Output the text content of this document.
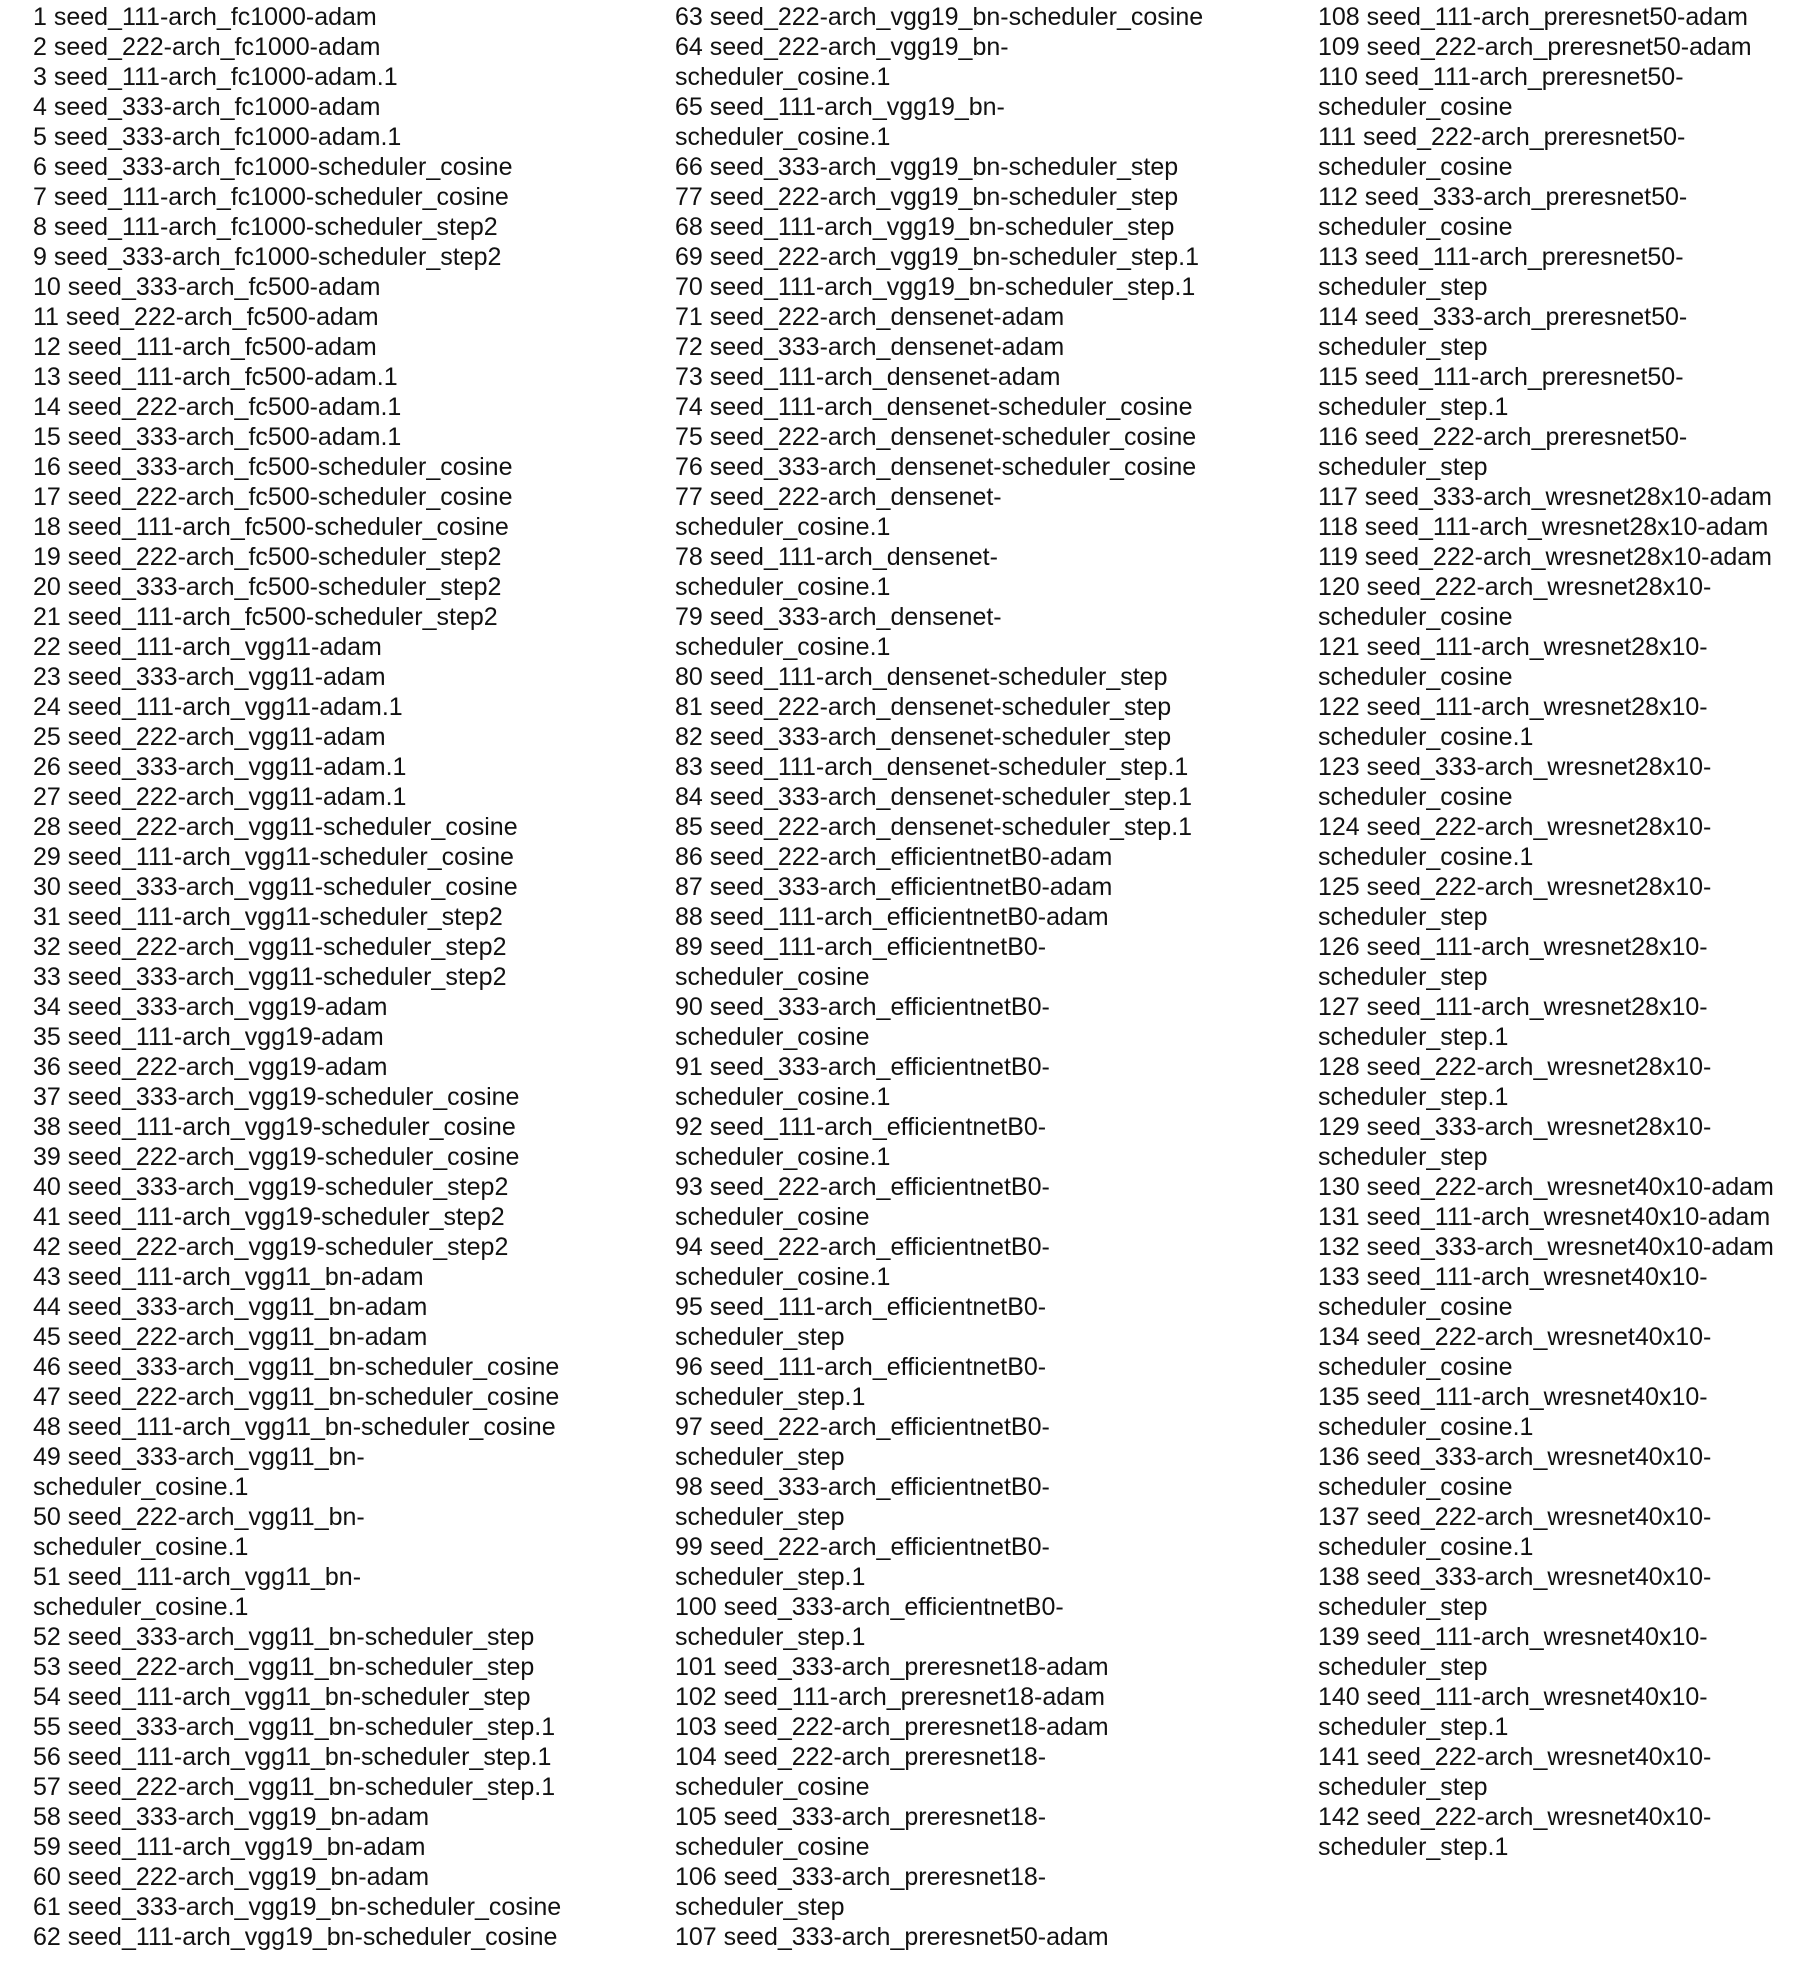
1 seed_111-arch_fc1000-adam
2 seed_222-arch_fc1000-adam
3 seed_111-arch_fc1000-adam.1
4 seed_333-arch_fc1000-adam
5 seed_333-arch_fc1000-adam.1
6 seed_333-arch_fc1000-scheduler_cosine
7 seed_111-arch_fc1000-scheduler_cosine
8 seed_111-arch_fc1000-scheduler_step2
9 seed_333-arch_fc1000-scheduler_step2
10 seed_333-arch_fc500-adam
11 seed_222-arch_fc500-adam
12 seed_111-arch_fc500-adam
13 seed_111-arch_fc500-adam.1
14 seed_222-arch_fc500-adam.1
15 seed_333-arch_fc500-adam.1
16 seed_333-arch_fc500-scheduler_cosine
17 seed_222-arch_fc500-scheduler_cosine
18 seed_111-arch_fc500-scheduler_cosine
19 seed_222-arch_fc500-scheduler_step2
20 seed_333-arch_fc500-scheduler_step2
21 seed_111-arch_fc500-scheduler_step2
22 seed_111-arch_vgg11-adam
23 seed_333-arch_vgg11-adam
24 seed_111-arch_vgg11-adam.1
25 seed_222-arch_vgg11-adam
26 seed_333-arch_vgg11-adam.1
27 seed_222-arch_vgg11-adam.1
28 seed_222-arch_vgg11-scheduler_cosine
29 seed_111-arch_vgg11-scheduler_cosine
30 seed_333-arch_vgg11-scheduler_cosine
31 seed_111-arch_vgg11-scheduler_step2
32 seed_222-arch_vgg11-scheduler_step2
33 seed_333-arch_vgg11-scheduler_step2
34 seed_333-arch_vgg19-adam
35 seed_111-arch_vgg19-adam
36 seed_222-arch_vgg19-adam
37 seed_333-arch_vgg19-scheduler_cosine
38 seed_111-arch_vgg19-scheduler_cosine
39 seed_222-arch_vgg19-scheduler_cosine
40 seed_333-arch_vgg19-scheduler_step2
41 seed_111-arch_vgg19-scheduler_step2
42 seed_222-arch_vgg19-scheduler_step2
43 seed_111-arch_vgg11_bn-adam
44 seed_333-arch_vgg11_bn-adam
45 seed_222-arch_vgg11_bn-adam
46 seed_333-arch_vgg11_bn-scheduler_cosine
47 seed_222-arch_vgg11_bn-scheduler_cosine
48 seed_111-arch_vgg11_bn-scheduler_cosine
49 seed_333-arch_vgg11_bn-
scheduler_cosine.1
50 seed_222-arch_vgg11_bn-
scheduler_cosine.1
51 seed_111-arch_vgg11_bn-
scheduler_cosine.1
52 seed_333-arch_vgg11_bn-scheduler_step
53 seed_222-arch_vgg11_bn-scheduler_step
54 seed_111-arch_vgg11_bn-scheduler_step
55 seed_333-arch_vgg11_bn-scheduler_step.1
56 seed_111-arch_vgg11_bn-scheduler_step.1
57 seed_222-arch_vgg11_bn-scheduler_step.1
58 seed_333-arch_vgg19_bn-adam
59 seed_111-arch_vgg19_bn-adam
60 seed_222-arch_vgg19_bn-adam
61 seed_333-arch_vgg19_bn-scheduler_cosine
62 seed_111-arch_vgg19_bn-scheduler_cosine
63 seed_222-arch_vgg19_bn-scheduler_cosine
64 seed_222-arch_vgg19_bn-
scheduler_cosine.1
65 seed_111-arch_vgg19_bn-
scheduler_cosine.1
66 seed_333-arch_vgg19_bn-scheduler_step
77 seed_222-arch_vgg19_bn-scheduler_step
68 seed_111-arch_vgg19_bn-scheduler_step
69 seed_222-arch_vgg19_bn-scheduler_step.1
70 seed_111-arch_vgg19_bn-scheduler_step.1
71 seed_222-arch_densenet-adam
72 seed_333-arch_densenet-adam
73 seed_111-arch_densenet-adam
74 seed_111-arch_densenet-scheduler_cosine
75 seed_222-arch_densenet-scheduler_cosine
76 seed_333-arch_densenet-scheduler_cosine
77 seed_222-arch_densenet-
scheduler_cosine.1
78 seed_111-arch_densenet-
scheduler_cosine.1
79 seed_333-arch_densenet-
scheduler_cosine.1
80 seed_111-arch_densenet-scheduler_step
81 seed_222-arch_densenet-scheduler_step
82 seed_333-arch_densenet-scheduler_step
83 seed_111-arch_densenet-scheduler_step.1
84 seed_333-arch_densenet-scheduler_step.1
85 seed_222-arch_densenet-scheduler_step.1
86 seed_222-arch_efficientnetB0-adam
87 seed_333-arch_efficientnetB0-adam
88 seed_111-arch_efficientnetB0-adam
89 seed_111-arch_efficientnetB0-
scheduler_cosine
90 seed_333-arch_efficientnetB0-
scheduler_cosine
91 seed_333-arch_efficientnetB0-
scheduler_cosine.1
92 seed_111-arch_efficientnetB0-
scheduler_cosine.1
93 seed_222-arch_efficientnetB0-
scheduler_cosine
94 seed_222-arch_efficientnetB0-
scheduler_cosine.1
95 seed_111-arch_efficientnetB0-
scheduler_step
96 seed_111-arch_efficientnetB0-
scheduler_step.1
97 seed_222-arch_efficientnetB0-
scheduler_step
98 seed_333-arch_efficientnetB0-
scheduler_step
99 seed_222-arch_efficientnetB0-
scheduler_step.1
100 seed_333-arch_efficientnetB0-
scheduler_step.1
101 seed_333-arch_preresnet18-adam
102 seed_111-arch_preresnet18-adam
103 seed_222-arch_preresnet18-adam
104 seed_222-arch_preresnet18-
scheduler_cosine
105 seed_333-arch_preresnet18-
scheduler_cosine
106 seed_333-arch_preresnet18-
scheduler_step
107 seed_333-arch_preresnet50-adam
108 seed_111-arch_preresnet50-adam
109 seed_222-arch_preresnet50-adam
110 seed_111-arch_preresnet50-
scheduler_cosine
111 seed_222-arch_preresnet50-
scheduler_cosine
112 seed_333-arch_preresnet50-
scheduler_cosine
113 seed_111-arch_preresnet50-
scheduler_step
114 seed_333-arch_preresnet50-
scheduler_step
115 seed_111-arch_preresnet50-
scheduler_step.1
116 seed_222-arch_preresnet50-
scheduler_step
117 seed_333-arch_wresnet28x10-adam
118 seed_111-arch_wresnet28x10-adam
119 seed_222-arch_wresnet28x10-adam
120 seed_222-arch_wresnet28x10-
scheduler_cosine
121 seed_111-arch_wresnet28x10-
scheduler_cosine
122 seed_111-arch_wresnet28x10-
scheduler_cosine.1
123 seed_333-arch_wresnet28x10-
scheduler_cosine
124 seed_222-arch_wresnet28x10-
scheduler_cosine.1
125 seed_222-arch_wresnet28x10-
scheduler_step
126 seed_111-arch_wresnet28x10-
scheduler_step
127 seed_111-arch_wresnet28x10-
scheduler_step.1
128 seed_222-arch_wresnet28x10-
scheduler_step.1
129 seed_333-arch_wresnet28x10-
scheduler_step
130 seed_222-arch_wresnet40x10-adam
131 seed_111-arch_wresnet40x10-adam
132 seed_333-arch_wresnet40x10-adam
133 seed_111-arch_wresnet40x10-
scheduler_cosine
134 seed_222-arch_wresnet40x10-
scheduler_cosine
135 seed_111-arch_wresnet40x10-
scheduler_cosine.1
136 seed_333-arch_wresnet40x10-
scheduler_cosine
137 seed_222-arch_wresnet40x10-
scheduler_cosine.1
138 seed_333-arch_wresnet40x10-
scheduler_step
139 seed_111-arch_wresnet40x10-
scheduler_step
140 seed_111-arch_wresnet40x10-
scheduler_step.1
141 seed_222-arch_wresnet40x10-
scheduler_step
142 seed_222-arch_wresnet40x10-
scheduler_step.1
